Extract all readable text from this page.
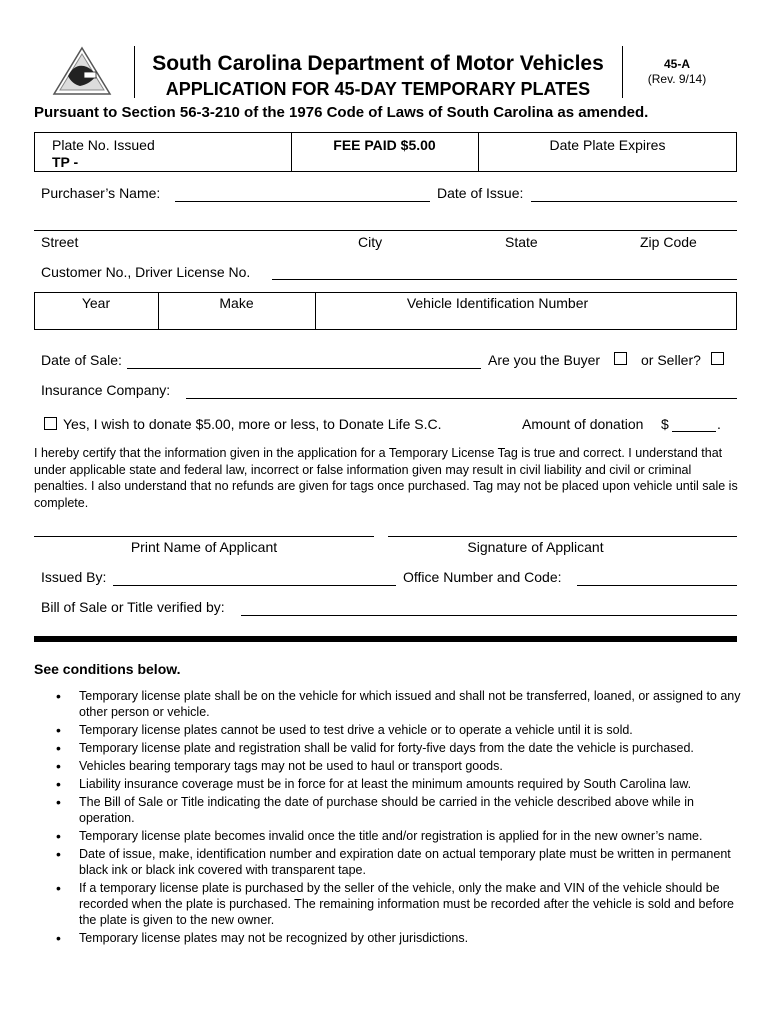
South Carolina Department of Motor Vehicles
APPLICATION FOR 45-DAY TEMPORARY PLATES
45-A
(Rev. 9/14)
Pursuant to Section 56-3-210 of the 1976 Code of Laws of South Carolina as amended.
Plate No. Issued
TP -
FEE PAID $5.00	Date Plate Expires
Purchaser’s Name:	Date of Issue:
Street	City	State	Zip Code
Customer No., Driver License No.
Year	Make	Vehicle Identification Number
Date of Sale:	Are you the Buyer	or Seller?
Insurance Company:
Yes, I wish to donate $5.00, more or less, to Donate Life S.C.	Amount of donation $	.
I hereby certify that the information given in the application for a Temporary License Tag is true and correct. I understand that under applicable state and federal law, incorrect or false information given may result in civil liability and civil or criminal penalties. I also understand that no refunds are given for tags once purchased. Tag may not be placed upon vehicle until sale is complete.
Print Name of Applicant	Signature of Applicant
Issued By:	Office Number and Code:
Bill of Sale or Title verified by:
See conditions below.
• Temporary license plate shall be on the vehicle for which issued and shall not be transferred, loaned, or assigned to any other person or vehicle.
• Temporary license plates cannot be used to test drive a vehicle or to operate a vehicle until it is sold.
• Temporary license plate and registration shall be valid for forty-five days from the date the vehicle is purchased.
• Vehicles bearing temporary tags may not be used to haul or transport goods.
• Liability insurance coverage must be in force for at least the minimum amounts required by South Carolina law.
• The Bill of Sale or Title indicating the date of purchase should be carried in the vehicle described above while in operation.
• Temporary license plate becomes invalid once the title and/or registration is applied for in the new owner’s name.
• Date of issue, make, identification number and expiration date on actual temporary plate must be written in permanent black ink or black ink covered with transparent tape.
• If a temporary license plate is purchased by the seller of the vehicle, only the make and VIN of the vehicle should be recorded when the plate is purchased. The remaining information must be recorded after the vehicle is sold and before the plate is given to the new owner.
• Temporary license plates may not be recognized by other jurisdictions.
